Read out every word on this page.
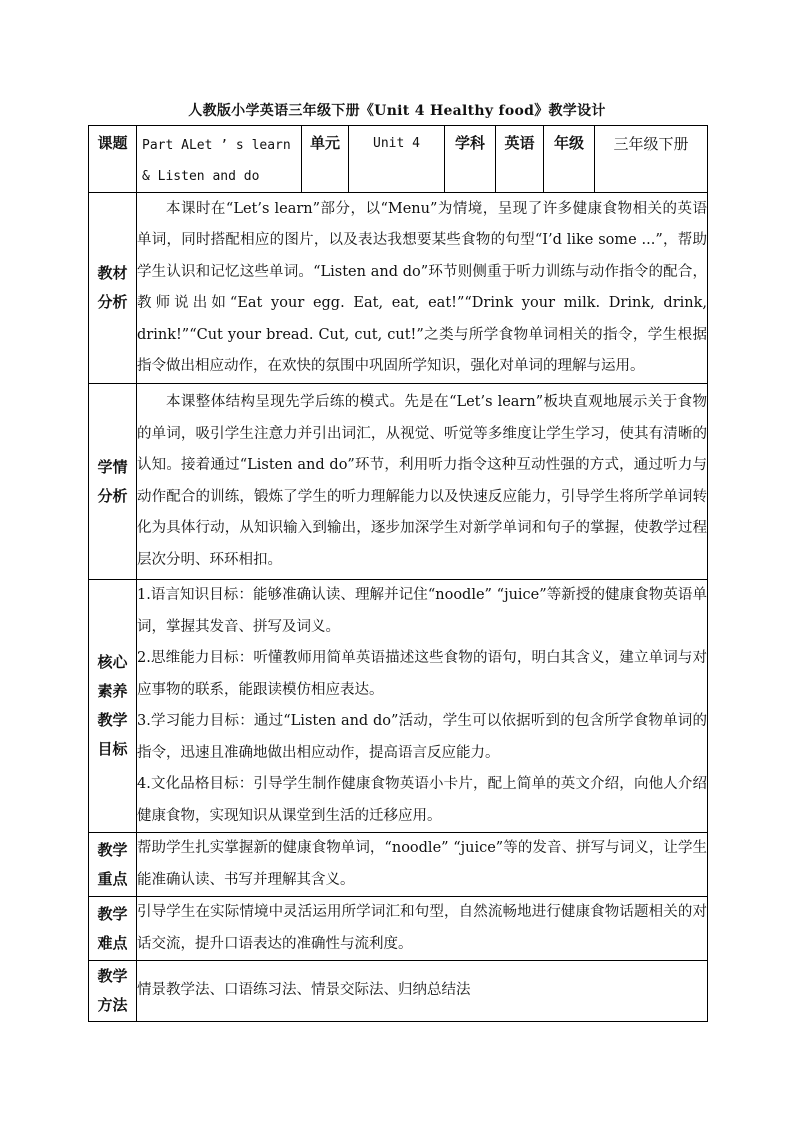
人教版小学英语三年级下册《Unit 4 Healthy food》教学设计
课题	Part ALet ’ s learn & Listen and do	单元	Unit 4	学科	英语	年级	三年级下册

教材分析	本课时在“Let’s learn”部分，以“Menu”为情境，呈现了许多健康食物相关的英语单词，同时搭配相应的图片，以及表达我想要某些食物的句型“I’d like some ...”，帮助学生认识和记忆这些单词。“Listen and do”环节则侧重于听力训练与动作指令的配合，教师说出如“Eat your egg. Eat, eat, eat!”“Drink your milk. Drink, drink, drink!”“Cut your bread. Cut, cut, cut!”之类与所学食物单词相关的指令，学生根据指令做出相应动作，在欢快的氛围中巩固所学知识，强化对单词的理解与运用。						

学情分析	本课整体结构呈现先学后练的模式。先是在“Let’s learn”板块直观地展示关于食物的单词，吸引学生注意力并引出词汇，从视觉、听觉等多维度让学生学习，使其有清晰的认知。接着通过“Listen and do”环节，利用听力指令这种互动性强的方式，通过听力与动作配合的训练，锻炼了学生的听力理解能力以及快速反应能力，引导学生将所学单词转化为具体行动，从知识输入到输出，逐步加深学生对新学单词和句子的掌握，使教学过程层次分明、环环相扣。						

核心素养教学目标	1.语言知识目标：能够准确认读、理解并记住“noodle” “juice”等新授的健康食物英语单词，掌握其发音、拼写及词义。
2.思维能力目标：听懂教师用简单英语描述这些食物的语句，明白其含义，建立单词与对应事物的联系，能跟读模仿相应表达。
3.学习能力目标：通过“Listen and do”活动，学生可以依据听到的包含所学食物单词的指令，迅速且准确地做出相应动作，提高语言反应能力。
4.文化品格目标：引导学生制作健康食物英语小卡片，配上简单的英文介绍，向他人介绍健康食物，实现知识从课堂到生活的迁移应用。						

教学重点	帮助学生扎实掌握新的健康食物单词，“noodle” “juice”等的发音、拼写与词义，让学生能准确认读、书写并理解其含义。						

教学难点	引导学生在实际情境中灵活运用所学词汇和句型，自然流畅地进行健康食物话题相关的对话交流，提升口语表达的准确性与流利度。						

教学方法	情景教学法、口语练习法、情景交际法、归纳总结法						
